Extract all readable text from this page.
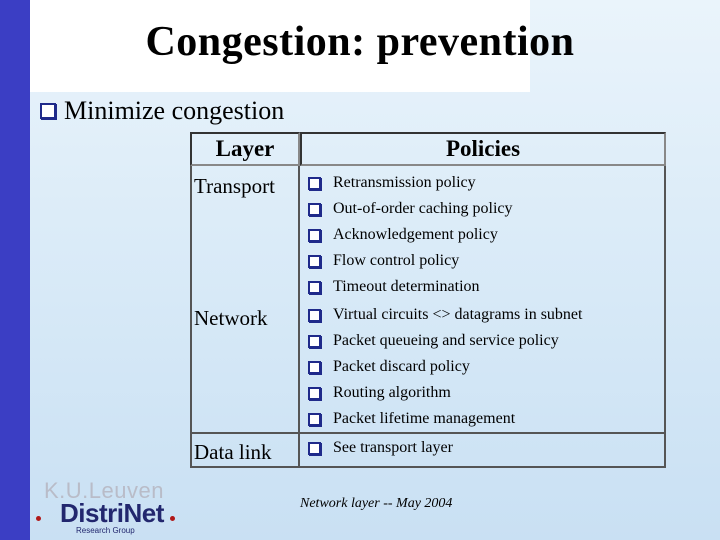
Congestion: prevention
Minimize congestion
Layer	Policies
Transport	Retransmission policy
Out-of-order caching policy
Acknowledgement policy
Flow control policy
Timeout determination
Network	Virtual circuits <> datagrams in subnet
Packet queueing and service policy
Packet discard policy
Routing algorithm
Packet lifetime management
Data link	See transport layer
K.U.Leuven
DistriNet
Research Group
Network layer -- May 2004
